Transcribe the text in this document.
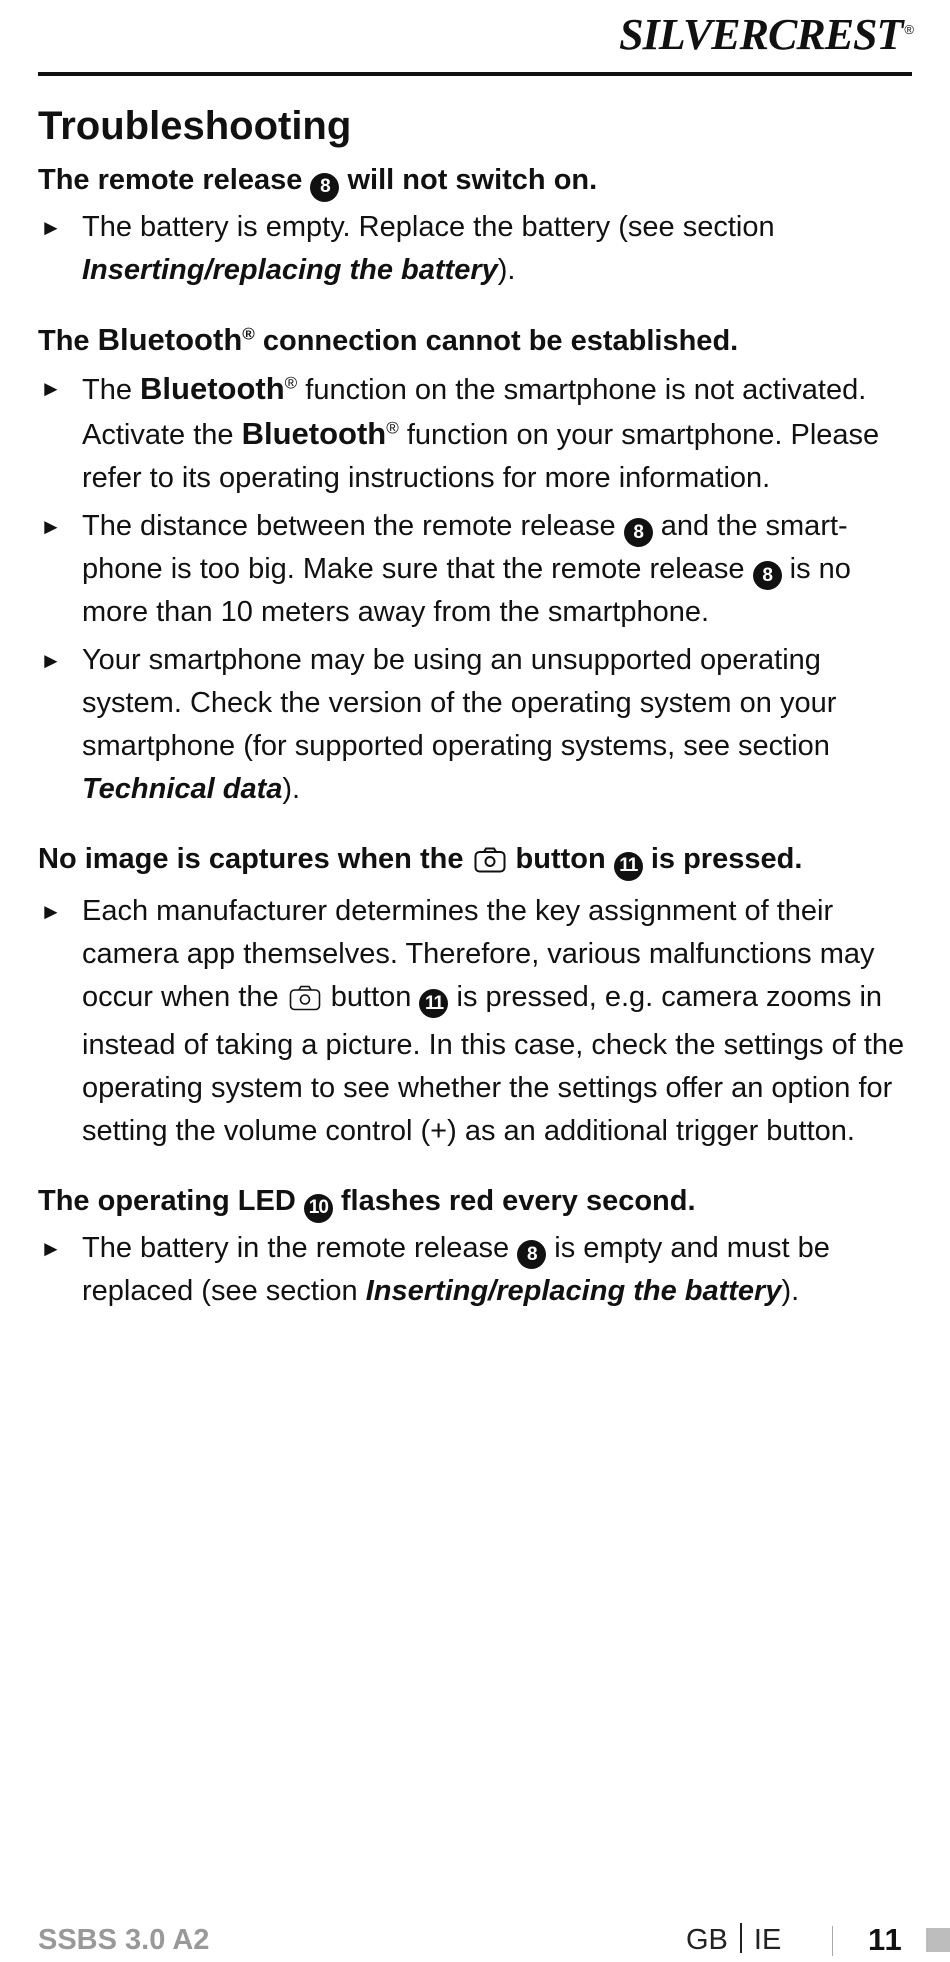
SILVERCREST ®
Troubleshooting
The remote release 8 will not switch on.
► The battery is empty. Replace the battery (see section Inserting/replacing the battery).
The Bluetooth® connection cannot be established.
► The Bluetooth® function on the smartphone is not activated. Activate the Bluetooth® function on your smartphone. Please refer to its operating instructions for more information.
► The distance between the remote release 8 and the smart-phone is too big. Make sure that the remote release 8 is no more than 10 meters away from the smartphone.
► Your smartphone may be using an unsupported operating system. Check the version of the operating system on your smartphone (for supported operating systems, see section Technical data).
No image is captures when the  button 11 is pressed.
► Each manufacturer determines the key assignment of their camera app themselves. Therefore, various malfunctions may occur when the  button 11 is pressed, e.g. camera zooms in instead of taking a picture. In this case, check the settings of the operating system to see whether the settings offer an option for setting the volume control (+) as an additional trigger button.
The operating LED 10 flashes red every second.
► The battery in the remote release 8 is empty and must be replaced (see section Inserting/replacing the battery).
SSBS 3.0 A2	GB IE	11
